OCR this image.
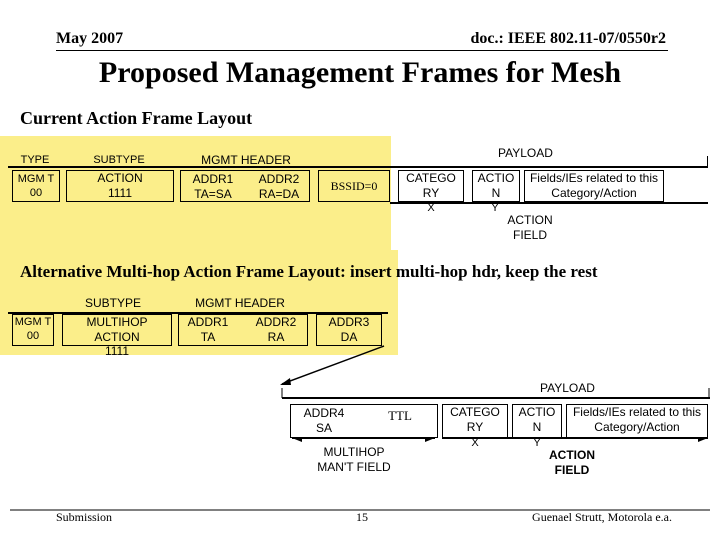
May 2007	doc.: IEEE 802.11-07/0550r2
Proposed Management Frames for Mesh
Current Action Frame Layout
TYPE
MGM T 00
SUBTYPE
ACTION
1111
MGMT HEADER
ADDR1
TA=SA
ADDR2
RA=DA
BSSID=0
PAYLOAD
CATEGO RY
X
ACTIO N
Y
Fields/IEs related to this
Category/Action
ACTION FIELD
Alternative Multi-hop Action Frame Layout: insert multi-hop hdr, keep the rest
MGM T 00
SUBTYPE
MULTIHOP
ACTION
1111
MGMT HEADER
ADDR1
TA
ADDR2
RA
ADDR3
DA
PAYLOAD
ADDR4
SA
TTL
MULTIHOP MAN'T FIELD
CATEGO RY
X
ACTIO N
Y
Fields/IEs related to this
Category/Action
ACTION FIELD
Submission	15	Guenael Strutt, Motorola e.a.
